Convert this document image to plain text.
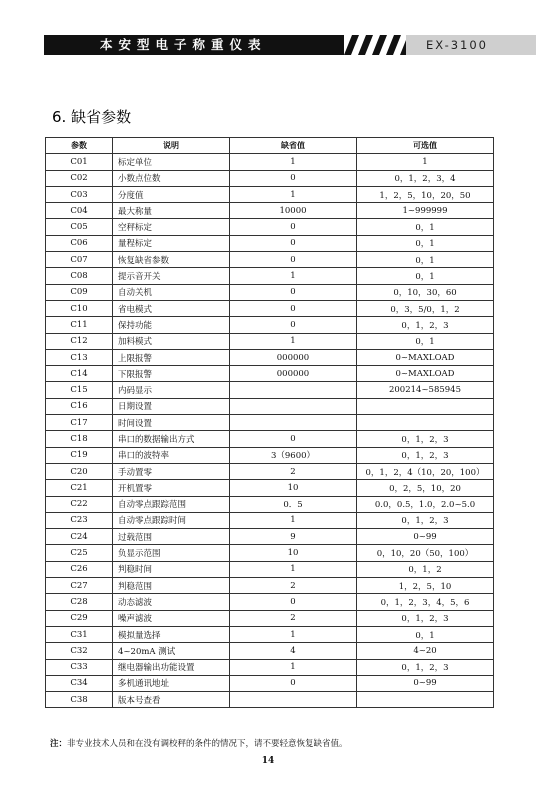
本安型电子称重仪表	EX-3100
6. 缺省参数
参数	说明	缺省值	可选值
C01	标定单位	1	1
C02	小数点位数	0	0，1，2，3，4
C03	分度值	1	1，2，5，10，20，50
C04	最大称量	10000	1~999999
C05	空秤标定	0	0，1
C06	量程标定	0	0，1
C07	恢复缺省参数	0	0，1
C08	提示音开关	1	0，1
C09	自动关机	0	0，10，30，60
C10	省电模式	0	0，3，5/0，1，2
C11	保持功能	0	0，1，2，3
C12	加料模式	1	0，1
C13	上限报警	000000	0~MAXLOAD
C14	下限报警	000000	0~MAXLOAD
C15	内码显示		200214~585945
C16	日期设置		
C17	时间设置		
C18	串口的数据输出方式	0	0，1，2，3
C19	串口的波特率	3（9600）	0，1，2，3
C20	手动置零	2	0，1，2，4（10，20，100）
C21	开机置零	10	0，2，5，10，20
C22	自动零点跟踪范围	0．5	0.0，0.5，1.0，2.0~5.0
C23	自动零点跟踪时间	1	0，1，2，3
C24	过载范围	9	0~99
C25	负显示范围	10	0，10，20（50，100）
C26	判稳时间	1	0，1，2
C27	判稳范围	2	1，2，5，10
C28	动态滤波	0	0，1，2，3，4，5，6
C29	噪声滤波	2	0，1，2，3
C31	模拟量选择	1	0，1
C32	4~20mA 测试	4	4~20
C33	继电器输出功能设置	1	0，1，2，3
C34	多机通讯地址	0	0~99
C38	版本号查看		
注：非专业技术人员和在没有调校秤的条件的情况下，请不要轻意恢复缺省值。
14
